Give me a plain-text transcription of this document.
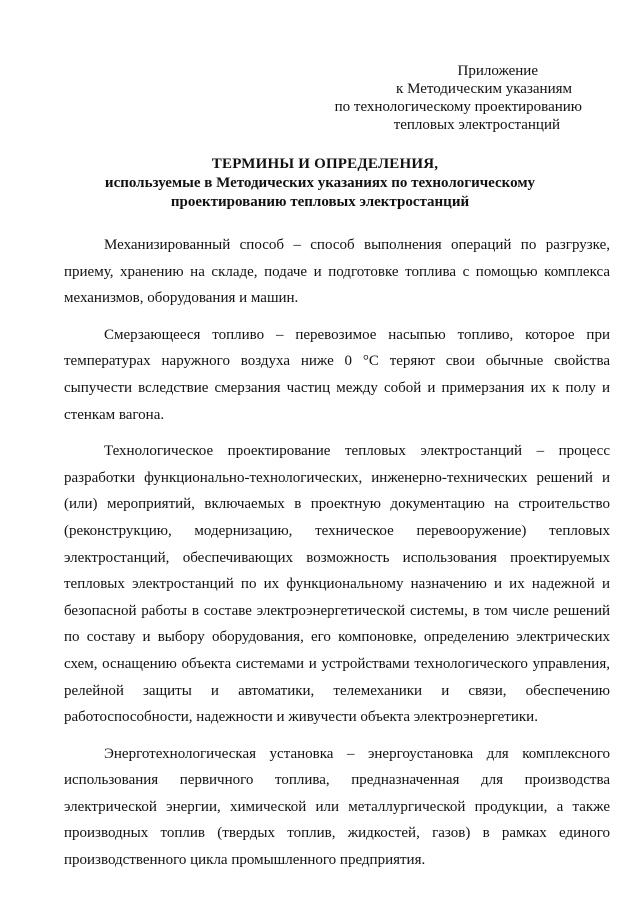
Приложение
к Методическим указаниям
по технологическому проектированию
тепловых электростанций
ТЕРМИНЫ И ОПРЕДЕЛЕНИЯ,
используемые в Методических указаниях по технологическому
проектированию тепловых электростанций

Механизированный способ – способ выполнения операций по разгрузке, приему, хранению на складе, подаче и подготовке топлива с помощью комплекса механизмов, оборудования и машин.

Смерзающееся топливо – перевозимое насыпью топливо, которое при температурах наружного воздуха ниже 0 °С теряют свои обычные свойства сыпучести вследствие смерзания частиц между собой и примерзания их к полу и стенкам вагона.

Технологическое проектирование тепловых электростанций – процесс разработки функционально-технологических, инженерно-технических решений и (или) мероприятий, включаемых в проектную документацию на строительство (реконструкцию, модернизацию, техническое перевооружение) тепловых электростанций, обеспечивающих возможность использования проектируемых тепловых электростанций по их функциональному назначению и их надежной и безопасной работы в составе электроэнергетической системы, в том числе решений по составу и выбору оборудования, его компоновке, определению электрических схем, оснащению объекта системами и устройствами технологического управления, релейной защиты и автоматики, телемеханики и связи, обеспечению работоспособности, надежности и живучести объекта электроэнергетики.

Энерготехнологическая установка – энергоустановка для комплексного использования первичного топлива, предназначенная для производства электрической энергии, химической или металлургической продукции, а также производных топлив (твердых топлив, жидкостей, газов) в рамках единого производственного цикла промышленного предприятия.
